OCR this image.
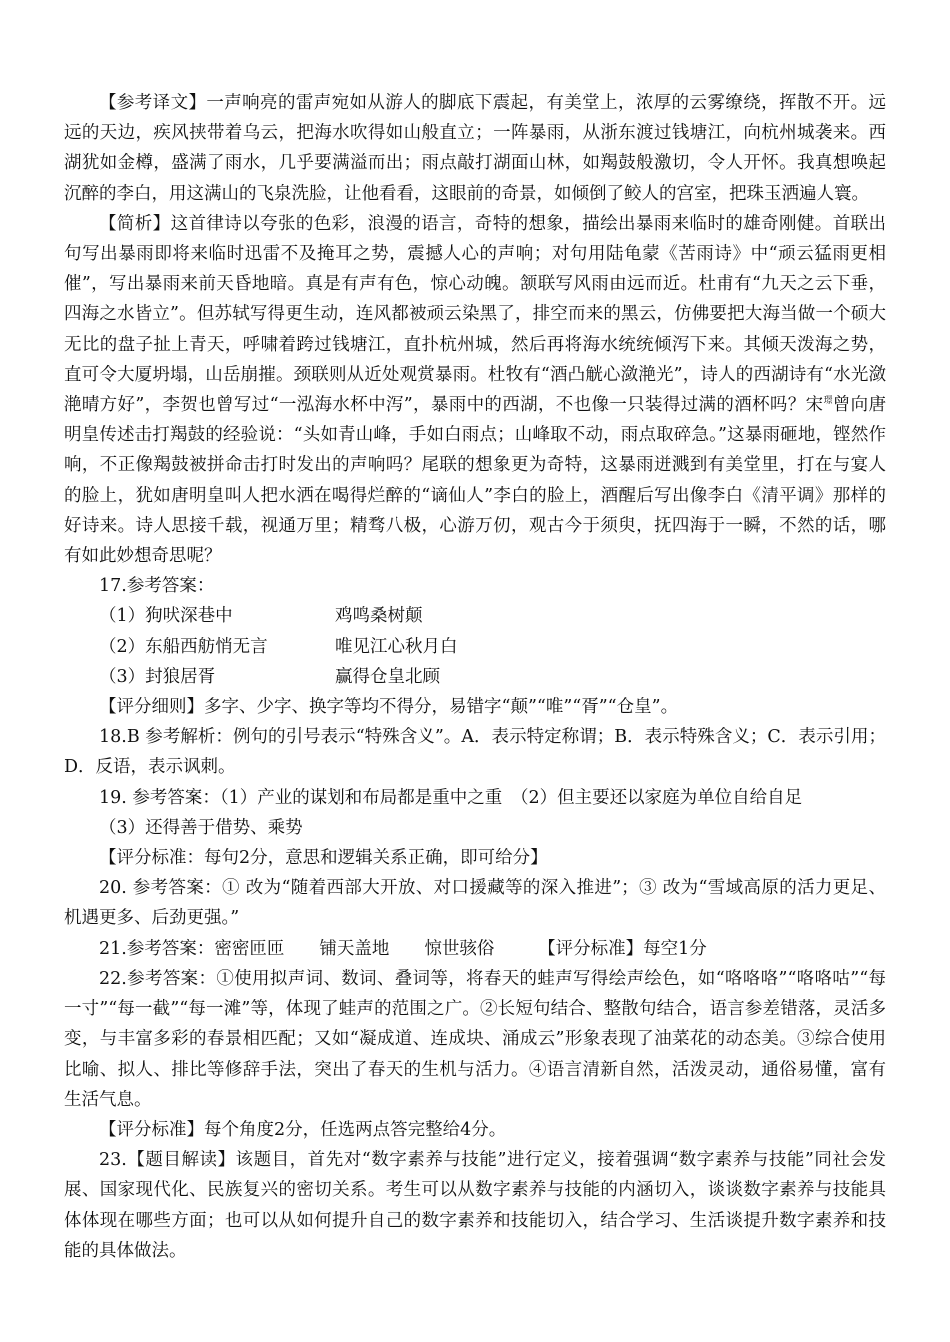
【参考译文】一声响亮的雷声宛如从游人的脚底下震起，有美堂上，浓厚的云雾缭绕，挥散不开。远远的天边，疾风挟带着乌云，把海水吹得如山般直立；一阵暴雨，从浙东渡过钱塘江，向杭州城袭来。西湖犹如金樽，盛满了雨水，几乎要满溢而出；雨点敲打湖面山林，如羯鼓般激切，令人开怀。我真想唤起沉醉的李白，用这满山的飞泉洗脸，让他看看，这眼前的奇景，如倾倒了鲛人的宫室，把珠玉洒遍人寰。

【简析】这首律诗以夸张的色彩，浪漫的语言，奇特的想象，描绘出暴雨来临时的雄奇刚健。首联出句写出暴雨即将来临时迅雷不及掩耳之势，震撼人心的声响；对句用陆龟蒙《苦雨诗》中“顽云猛雨更相催”，写出暴雨来前天昏地暗。真是有声有色，惊心动魄。颔联写风雨由远而近。杜甫有“九天之云下垂，四海之水皆立”。但苏轼写得更生动，连风都被顽云染黑了，排空而来的黑云，仿佛要把大海当做一个硕大无比的盘子扯上青天，呼啸着跨过钱塘江，直扑杭州城，然后再将海水统统倾泻下来。其倾天泼海之势，直可令大厦坍塌，山岳崩摧。颈联则从近处观赏暴雨。杜牧有“酒凸觥心潋滟光”，诗人的西湖诗有“水光潋滟晴方好”，李贺也曾写过“一泓海水杯中泻”，暴雨中的西湖，不也像一只装得过满的酒杯吗？宋$^璟$曾向唐明皇传述击打羯鼓的经验说：“头如青山峰，手如白雨点；山峰取不动，雨点取碎急。”这暴雨砸地，铿然作响，不正像羯鼓被拼命击打时发出的声响吗？尾联的想象更为奇特，这暴雨迸溅到有美堂里，打在与宴人的脸上，犹如唐明皇叫人把水洒在喝得烂醉的“谪仙人”李白的脸上，酒醒后写出像李白《清平调》那样的好诗来。诗人思接千载，视通万里；精骛八极，心游万仞，观古今于须臾，抚四海于一瞬，不然的话，哪有如此妙想奇思呢？

17.参考答案：

（1）狗吠深巷中	鸡鸣桑树颠
（2）东船西舫悄无言	唯见江心秋月白
（3）封狼居胥	赢得仓皇北顾

【评分细则】多字、少字、换字等均不得分，易错字“颠”“唯”“胥”“仓皇”。

18.B 参考解析：例句的引号表示“特殊含义”。A．表示特定称谓；B．表示特殊含义；C．表示引用；D．反语，表示讽刺。

19. 参考答案：（1）产业的谋划和布局都是重中之重　（2）但主要还以家庭为单位自给自足

（3）还得善于借势、乘势

【评分标准：每句2分，意思和逻辑关系正确，即可给分】

20. 参考答案：① 改为“随着西部大开放、对口援藏等的深入推进”；③ 改为“雪域高原的活力更足、机遇更多、后劲更强。”

21.参考答案：密密匝匝　　铺天盖地　　惊世骇俗　　　【评分标准】每空1分

22.参考答案：①使用拟声词、数词、叠词等，将春天的蛙声写得绘声绘色，如“咯咯咯”“咯咯咕”“每一寸”“每一截”“每一滩”等，体现了蛙声的范围之广。②长短句结合、整散句结合，语言参差错落，灵活多变，与丰富多彩的春景相匹配；又如“凝成道、连成块、涌成云”形象表现了油菜花的动态美。③综合使用比喻、拟人、排比等修辞手法，突出了春天的生机与活力。④语言清新自然，活泼灵动，通俗易懂，富有生活气息。

【评分标准】每个角度2分，任选两点答完整给4分。

23.【题目解读】该题目，首先对“数字素养与技能”进行定义，接着强调“数字素养与技能”同社会发展、国家现代化、民族复兴的密切关系。考生可以从数字素养与技能的内涵切入，谈谈数字素养与技能具体体现在哪些方面；也可以从如何提升自己的数字素养和技能切入，结合学习、生活谈提升数字素养和技能的具体做法。
